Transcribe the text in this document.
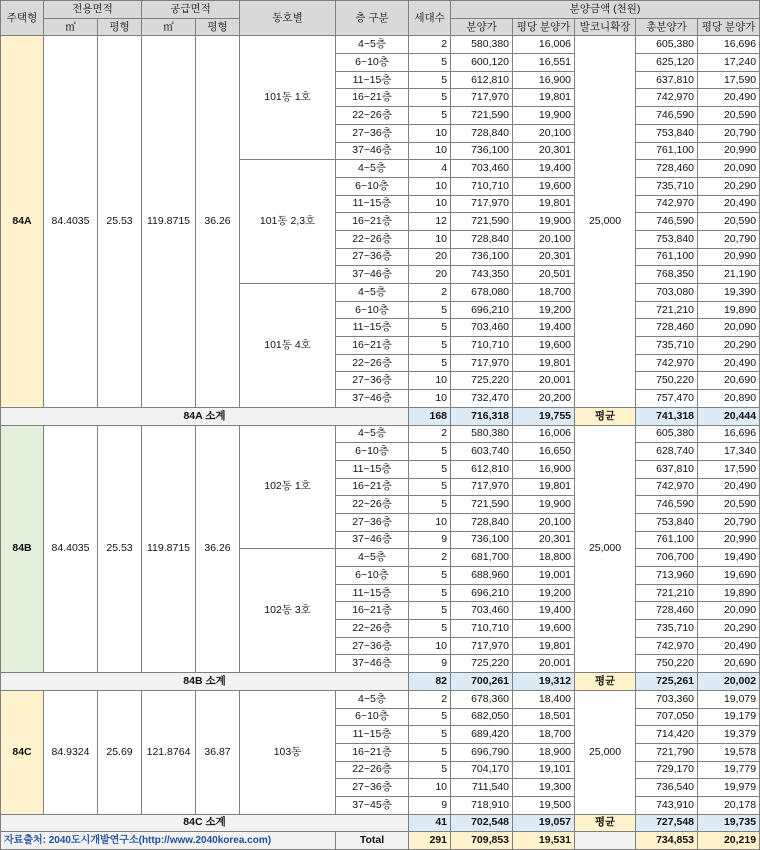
주택형	전용면적		공급면적		동호별	층 구분	세대수	분양금액 (천원)				
	㎡	평형	㎡	평형				분양가	평당 분양가	발코니확장	총분양가	평당 분양가
84A	84.4035	25.53	119.8715	36.26	101동 1호	4~5층	2	580,380	16,006	25,000	605,380	16,696
						6~10층	5	600,120	16,551		625,120	17,240
						11~15층	5	612,810	16,900		637,810	17,590
						16~21층	5	717,970	19,801		742,970	20,490
						22~26층	5	721,590	19,900		746,590	20,590
						27~36층	10	728,840	20,100		753,840	20,790
						37~46층	10	736,100	20,301		761,100	20,990
					101동 2,3호	4~5층	4	703,460	19,400		728,460	20,090
						6~10층	10	710,710	19,600		735,710	20,290
						11~15층	10	717,970	19,801		742,970	20,490
						16~21층	12	721,590	19,900		746,590	20,590
						22~26층	10	728,840	20,100		753,840	20,790
						27~36층	20	736,100	20,301		761,100	20,990
						37~46층	20	743,350	20,501		768,350	21,190
					101동 4호	4~5층	2	678,080	18,700		703,080	19,390
						6~10층	5	696,210	19,200		721,210	19,890
						11~15층	5	703,460	19,400		728,460	20,090
						16~21층	5	710,710	19,600		735,710	20,290
						22~26층	5	717,970	19,801		742,970	20,490
						27~36층	10	725,220	20,001		750,220	20,690
						37~46층	10	732,470	20,200		757,470	20,890
84A 소계							168	716,318	19,755	평균	741,318	20,444
84B	84.4035	25.53	119.8715	36.26	102동 1호	4~5층	2	580,380	16,006	25,000	605,380	16,696
						6~10층	5	603,740	16,650		628,740	17,340
						11~15층	5	612,810	16,900		637,810	17,590
						16~21층	5	717,970	19,801		742,970	20,490
						22~26층	5	721,590	19,900		746,590	20,590
						27~36층	10	728,840	20,100		753,840	20,790
						37~46층	9	736,100	20,301		761,100	20,990
					102동 3호	4~5층	2	681,700	18,800		706,700	19,490
						6~10층	5	688,960	19,001		713,960	19,690
						11~15층	5	696,210	19,200		721,210	19,890
						16~21층	5	703,460	19,400		728,460	20,090
						22~26층	5	710,710	19,600		735,710	20,290
						27~36층	10	717,970	19,801		742,970	20,490
						37~46층	9	725,220	20,001		750,220	20,690
84B 소계							82	700,261	19,312	평균	725,261	20,002
84C	84.9324	25.69	121.8764	36.87	103동	4~5층	2	678,360	18,400	25,000	703,360	19,079
						6~10층	5	682,050	18,501		707,050	19,179
						11~15층	5	689,420	18,700		714,420	19,379
						16~21층	5	696,790	18,900		721,790	19,578
						22~26층	5	704,170	19,101		729,170	19,779
						27~36층	10	711,540	19,300		736,540	19,979
						37~45층	9	718,910	19,500		743,910	20,178
84C 소계							41	702,548	19,057	평균	727,548	19,735
자료출처: 2040도시개발연구소(http://www.2040korea.com)						Total	291	709,853	19,531		734,853	20,219
